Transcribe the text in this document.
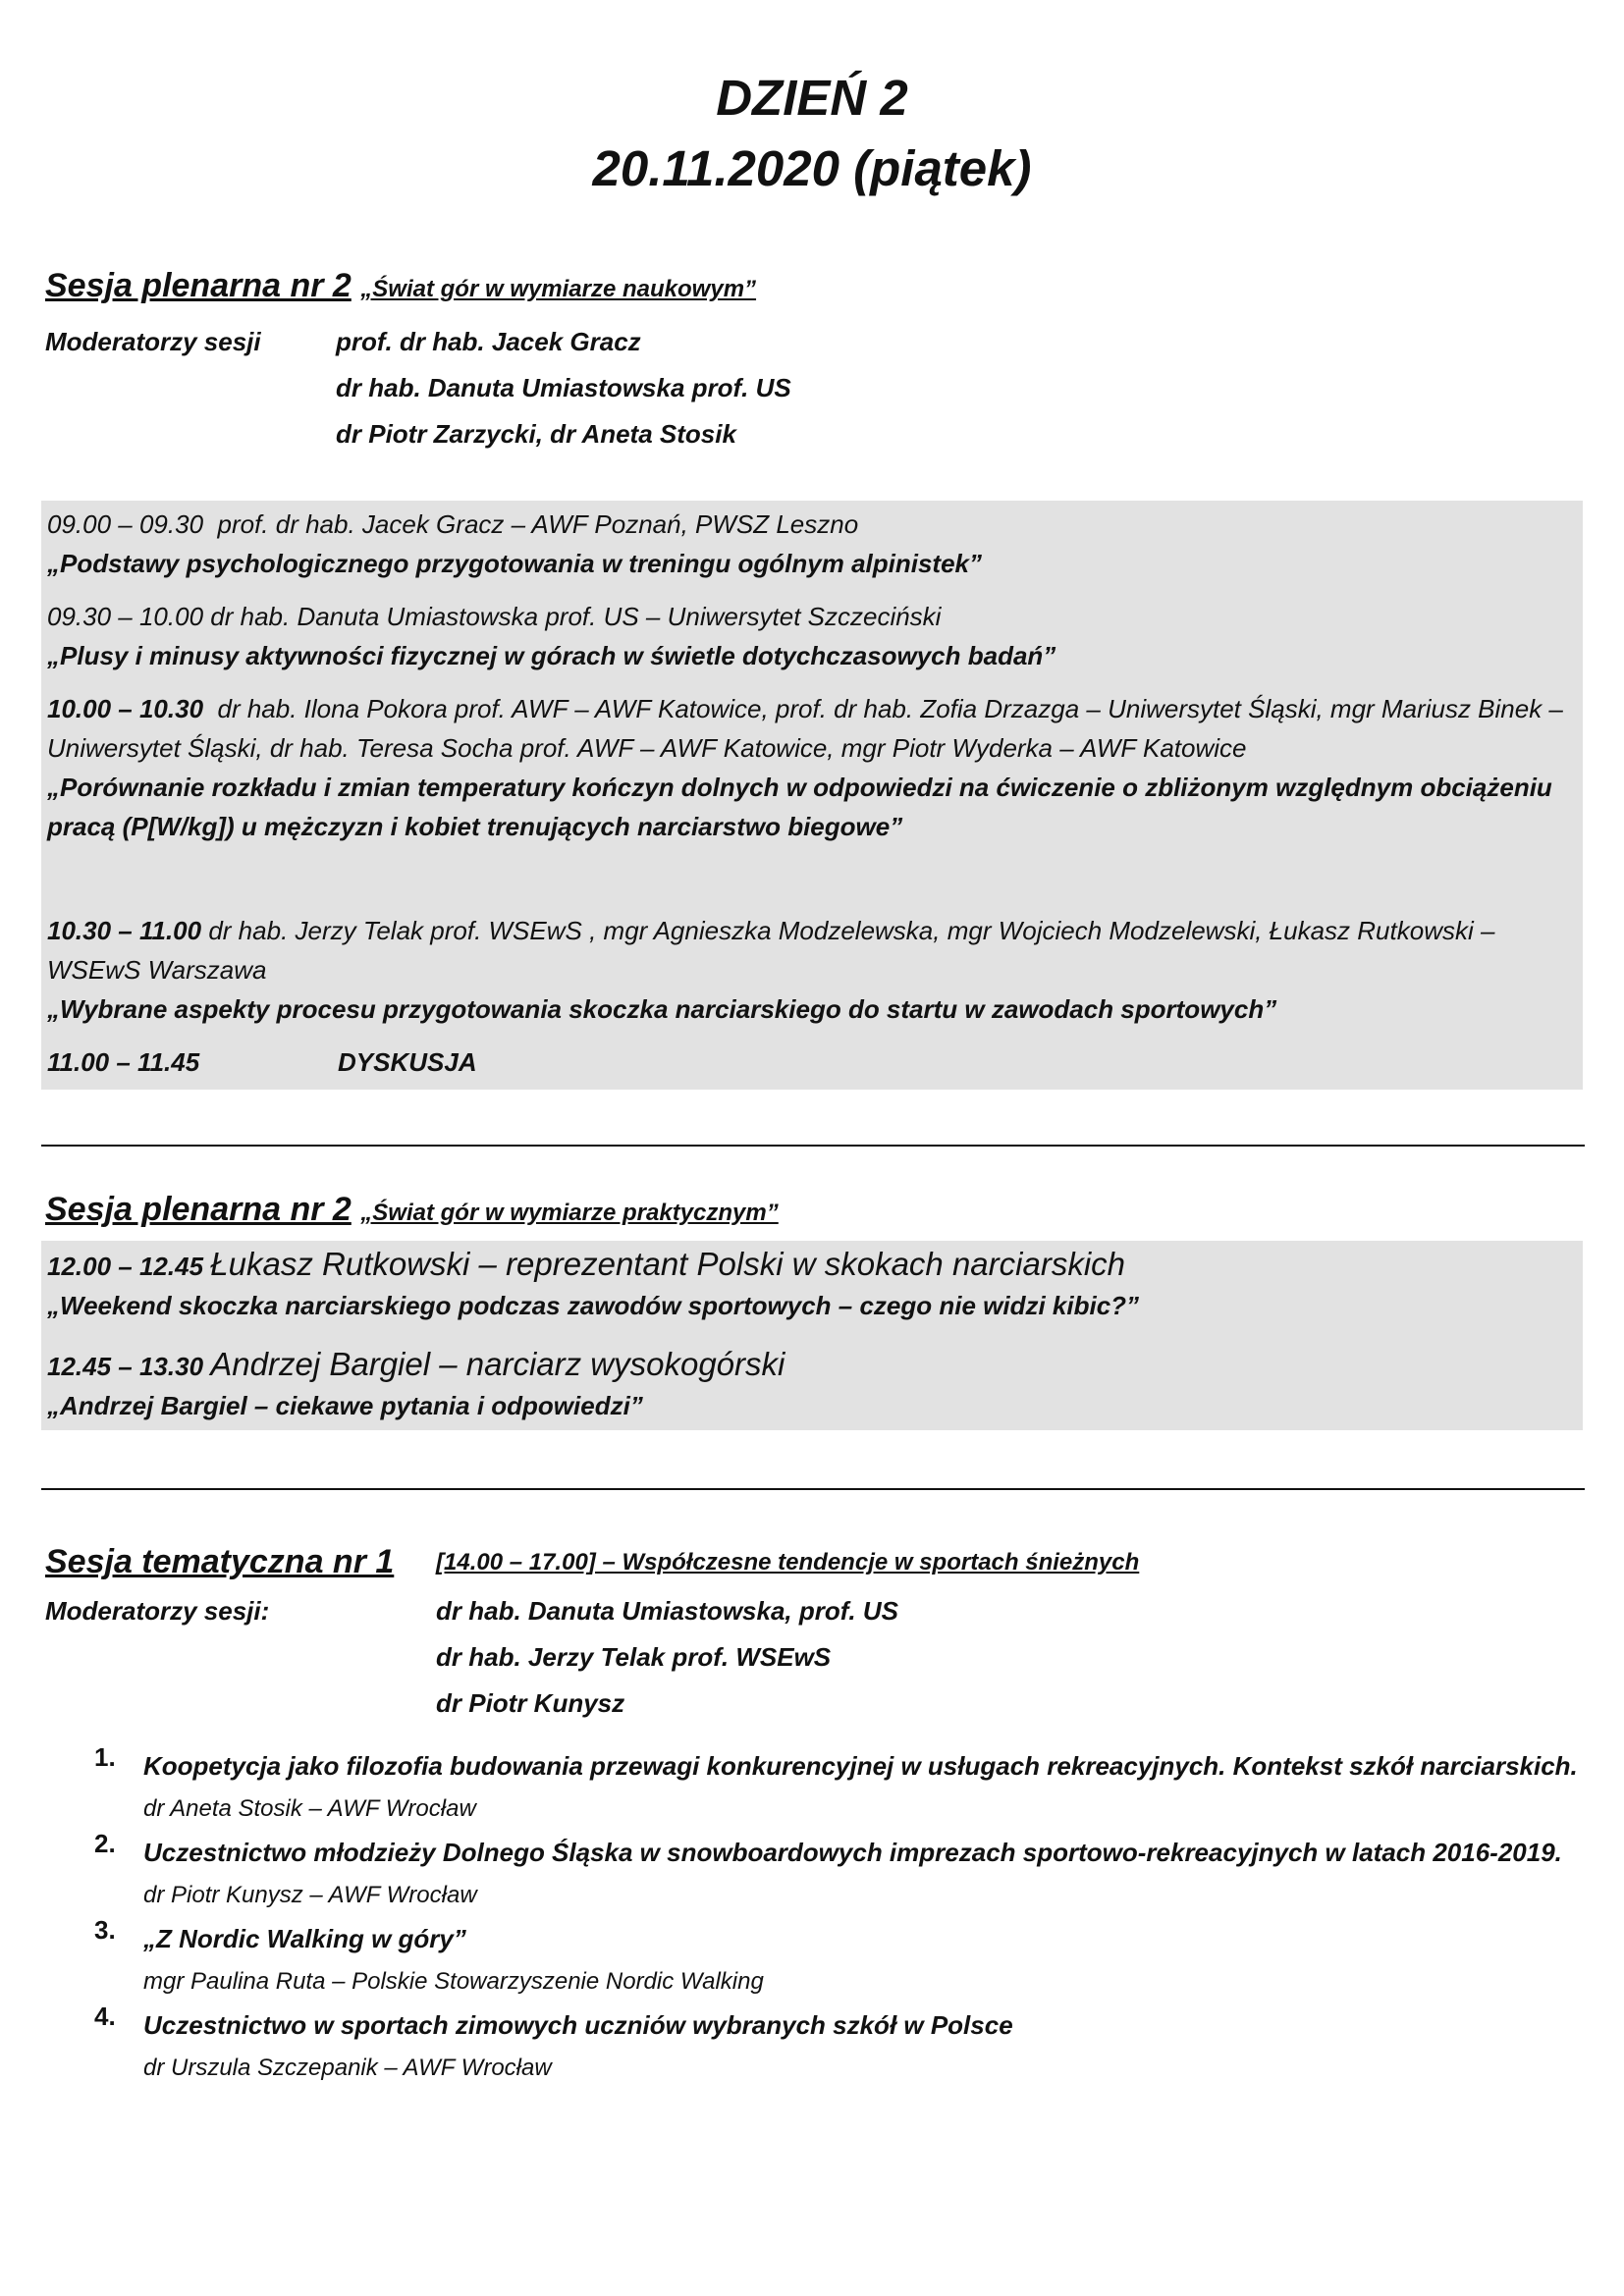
DZIEŃ 2
20.11.2020 (piątek)
Sesja plenarna nr 2 „Świat gór w wymiarze naukowym”
Moderatorzy sesji	prof. dr hab. Jacek Gracz
dr hab. Danuta Umiastowska prof. US
dr Piotr Zarzycki, dr Aneta Stosik
09.00 – 09.30 prof. dr hab. Jacek Gracz – AWF Poznań, PWSZ Leszno
„Podstawy psychologicznego przygotowania w treningu ogólnym alpinistek”
09.30 – 10.00 dr hab. Danuta Umiastowska prof. US – Uniwersytet Szczeciński
„Plusy i minusy aktywności fizycznej w górach w świetle dotychczasowych badań”
10.00 – 10.30 dr hab. Ilona Pokora prof. AWF – AWF Katowice, prof. dr hab. Zofia Drzazga – Uniwersytet Śląski, mgr Mariusz Binek – Uniwersytet Śląski, dr hab. Teresa Socha prof. AWF – AWF Katowice, mgr Piotr Wyderka – AWF Katowice
„Porównanie rozkładu i zmian temperatury kończyn dolnych w odpowiedzi na ćwiczenie o zbliżonym względnym obciążeniu pracą (P[W/kg]) u mężczyzn i kobiet trenujących narciarstwo biegowe”
10.30 – 11.00 dr hab. Jerzy Telak prof. WSEwS , mgr Agnieszka Modzelewska, mgr Wojciech Modzelewski, Łukasz Rutkowski – WSEwS Warszawa
„Wybrane aspekty procesu przygotowania skoczka narciarskiego do startu w zawodach sportowych”
11.00 – 11.45	DYSKUSJA
Sesja plenarna nr 2 „Świat gór w wymiarze praktycznym”
12.00 – 12.45 Łukasz Rutkowski – reprezentant Polski w skokach narciarskich
„Weekend skoczka narciarskiego podczas zawodów sportowych – czego nie widzi kibic?”
12.45 – 13.30 Andrzej Bargiel – narciarz wysokogórski
„Andrzej Bargiel – ciekawe pytania i odpowiedzi”
Sesja tematyczna nr 1 [14.00 – 17.00] – Współczesne tendencje w sportach śnieżnych
Moderatorzy sesji:	dr hab. Danuta Umiastowska, prof. US
dr hab. Jerzy Telak prof. WSEwS
dr Piotr Kunysz
1. Koopetycja jako filozofia budowania przewagi konkurencyjnej w usługach rekreacyjnych. Kontekst szkół narciarskich.
dr Aneta Stosik – AWF Wrocław
2. Uczestnictwo młodzieży Dolnego Śląska w snowboardowych imprezach sportowo-rekreacyjnych w latach 2016-2019.
dr Piotr Kunysz – AWF Wrocław
3. „Z Nordic Walking w góry”
mgr Paulina Ruta – Polskie Stowarzyszenie Nordic Walking
4. Uczestnictwo w sportach zimowych uczniów wybranych szkół w Polsce
dr Urszula Szczepanik – AWF Wrocław
